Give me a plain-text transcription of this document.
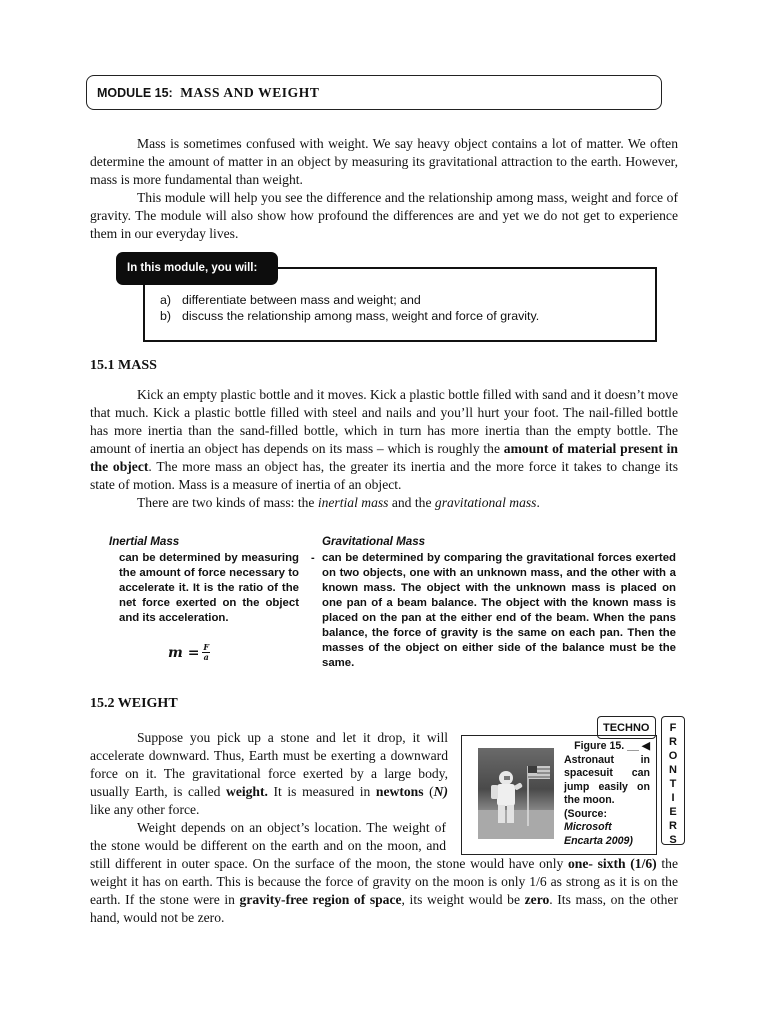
MODULE 15: MASS AND WEIGHT

Mass is sometimes confused with weight. We say heavy object contains a lot of matter. We often determine the amount of matter in an object by measuring its gravitational attraction to the earth. However, mass is more fundamental than weight.

This module will help you see the difference and the relationship among mass, weight and force of gravity. The module will also show how profound the differences are and yet we do not get to experience them in our everyday lives.

In this module, you will:
a) differentiate between mass and weight; and
b) discuss the relationship among mass, weight and force of gravity.
15.1 MASS

Kick an empty plastic bottle and it moves. Kick a plastic bottle filled with sand and it doesn’t move that much. Kick a plastic bottle filled with steel and nails and you’ll hurt your foot. The nail-filled bottle has more inertia than the sand-filled bottle, which in turn has more inertia than the empty bottle. The amount of inertia an object has depends on its mass – which is roughly the amount of material present in the object. The more mass an object has, the greater its inertia and the more force it takes to change its state of motion. Mass is a measure of inertia of an object.

There are two kinds of mass: the inertial mass and the gravitational mass.

Inertial Mass
can be determined by measuring the amount of force necessary to accelerate it. It is the ratio of the net force exerted on the object and its acceleration.
$m = \frac{F}{a}$
-
Gravitational Mass
can be determined by comparing the gravitational forces exerted on two objects, one with an unknown mass, and the other with a known mass. The object with the unknown mass is placed on one pan of a beam balance. The object with the known mass is placed on the pan at the either end of the beam. When the pans balance, the force of gravity is the same on each pan. Then the masses of the object on either side of the balance must be the same.
15.2 WEIGHT

Suppose you pick up a stone and let it drop, it will accelerate downward. Thus, Earth must be exerting a downward force on it. The gravitational force exerted by a large body, usually Earth, is called weight. It is measured in newtons (N) like any other force.

Weight depends on an object’s location. The weight of the stone would be different on the earth and on the moon, and still different in outer space. On the surface of the moon, the stone would have only one- sixth (1/6) the weight it has on earth. This is because the force of gravity on the moon is only 1/6 as strong as it is on the earth. If the stone were in gravity-free region of space, its weight would be zero. Its mass, on the other hand, would not be zero.

Figure 15. __ ◀
Astronaut in spacesuit can jump easily on the moon.
(Source:
Microsoft Encarta 2009)
TECHNO	F
R
O
N
T
I
E
R
S
